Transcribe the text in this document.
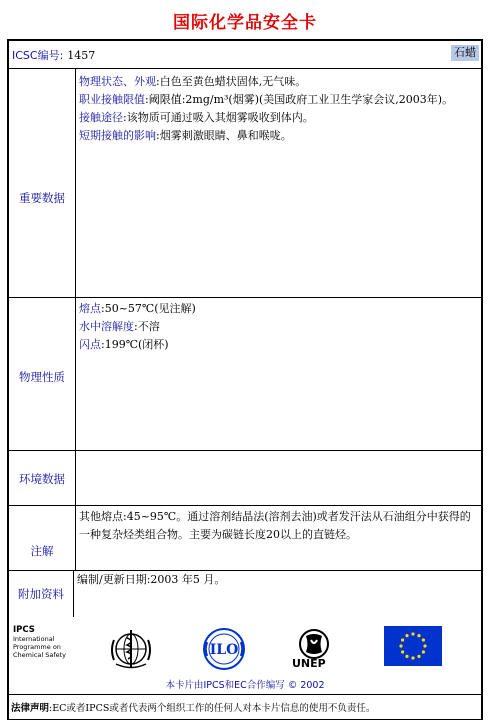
国际化学品安全卡
ICSC编号: 1457	石蜡
重要数据
物理状态、外观:白色至黄色蜡状固体,无气味。
职业接触限值:阈限值:2mg/m³(烟雾)(美国政府工业卫生学家会议,2003年)。
接触途径:该物质可通过吸入其烟雾吸收到体内。
短期接触的影响:烟雾刺激眼睛、鼻和喉咙。
物理性质
熔点:50~57℃(见注解)
水中溶解度:不溶
闪点:199℃(闭杯)
环境数据
注解
其他熔点:45~95℃。通过溶剂结晶法(溶剂去油)或者发汗法从石油组分中获得的一种复杂烃类组合物。主要为碳链长度20以上的直链烃。
附加资料
编制/更新日期:2003 年5 月。
IPCS
International
Programme on
Chemical Safety	ILO
UNEP
本卡片由IPCS和EC合作编写 © 2002
法律声明:EC或者IPCS或者代表两个组织工作的任何人对本卡片信息的使用不负责任。
